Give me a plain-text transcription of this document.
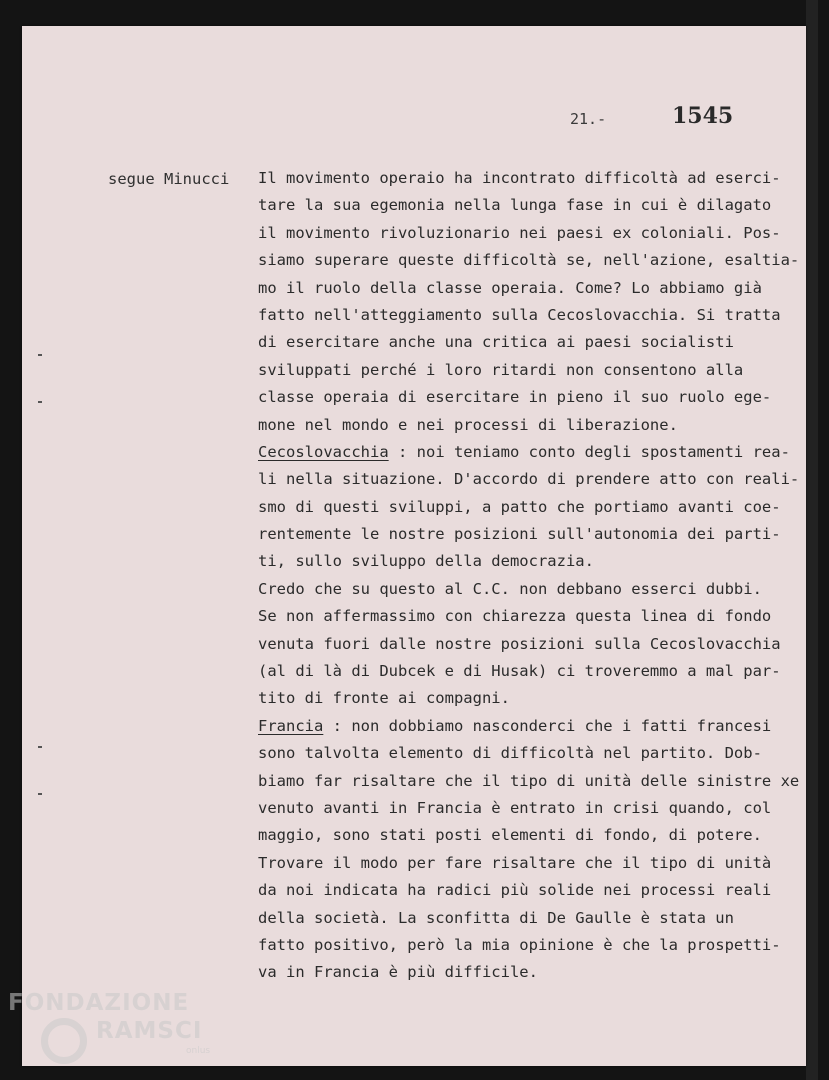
21.-	1545
segue Minucci Il movimento operaio ha incontrato difficoltà ad eserci-
tare la sua egemonia nella lunga fase in cui è dilagato
il movimento rivoluzionario nei paesi ex coloniali. Pos-
siamo superare queste difficoltà se, nell'azione, esaltia-
mo il ruolo della classe operaia. Come? Lo abbiamo già
fatto nell'atteggiamento sulla Cecoslovacchia. Si tratta
di esercitare anche una critica ai paesi socialisti
sviluppati perché i loro ritardi non consentono alla
classe operaia di esercitare in pieno il suo ruolo ege-
mone nel mondo e nei processi di liberazione.
Cecoslovacchia : noi teniamo conto degli spostamenti rea-
li nella situazione. D'accordo di prendere atto con reali-
smo di questi sviluppi, a patto che portiamo avanti coe-
rentemente le nostre posizioni sull'autonomia dei parti-
ti, sullo sviluppo della democrazia.
Credo che su questo al C.C. non debbano esserci dubbi.
Se non affermassimo con chiarezza questa linea di fondo
venuta fuori dalle nostre posizioni sulla Cecoslovacchia
(al di là di Dubcek e di Husak) ci troveremmo a mal par-
tito di fronte ai compagni.
Francia : non dobbiamo nasconderci che i fatti francesi
sono talvolta elemento di difficoltà nel partito. Dob-
biamo far risaltare che il tipo di unità delle sinistre xe
venuto avanti in Francia è entrato in crisi quando, col
maggio, sono stati posti elementi di fondo, di potere.
Trovare il modo per fare risaltare che il tipo di unità
da noi indicata ha radici più solide nei processi reali
della società. La sconfitta di De Gaulle è stata un
fatto positivo, però la mia opinione è che la prospetti-
va in Francia è più difficile.
FONDAZIONE
RAMSCI
onlus
